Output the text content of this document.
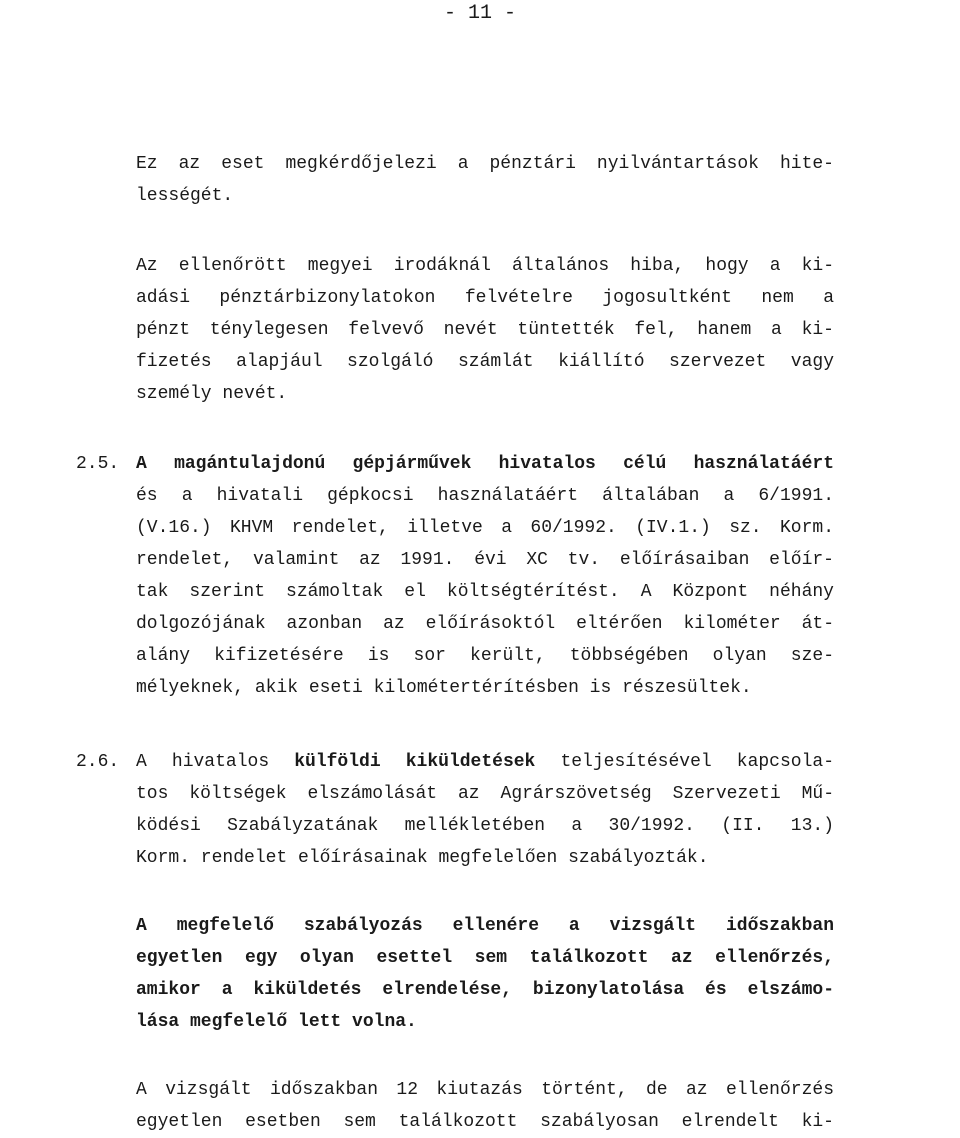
- 11 -
Ez az eset megkérdőjelezi a pénztári nyilvántartások hite-
lességét.
Az ellenőrött megyei irodáknál általános hiba, hogy a ki-
adási pénztárbizonylatokon felvételre jogosultként nem a
pénzt ténylegesen felvevő nevét tüntették fel, hanem a ki-
fizetés alapjául szolgáló számlát kiállító szervezet vagy
személy nevét.
2.5. A magántulajdonú gépjárművek hivatalos célú használatáért
és a hivatali gépkocsi használatáért általában a 6/1991.
(V.16.) KHVM rendelet, illetve a 60/1992. (IV.1.) sz. Korm.
rendelet, valamint az 1991. évi XC tv. előírásaiban előír-
tak szerint számoltak el költségtérítést. A Központ néhány
dolgozójának azonban az előírásoktól eltérően kilométer át-
alány kifizetésére is sor került, többségében olyan sze-
mélyeknek, akik eseti kilométertérítésben is részesültek.
2.6. A hivatalos külföldi kiküldetések teljesítésével kapcsola-
tos költségek elszámolását az Agrárszövetség Szervezeti Mű-
ködési Szabályzatának mellékletében a 30/1992. (II. 13.)
Korm. rendelet előírásainak megfelelően szabályozták.
A megfelelő szabályozás ellenére a vizsgált időszakban
egyetlen egy olyan esettel sem találkozott az ellenőrzés,
amikor a kiküldetés elrendelése, bizonylatolása és elszámo-
lása megfelelő lett volna.
A vizsgált időszakban 12 kiutazás történt, de az ellenőrzés
egyetlen esetben sem találkozott szabályosan elrendelt ki-
